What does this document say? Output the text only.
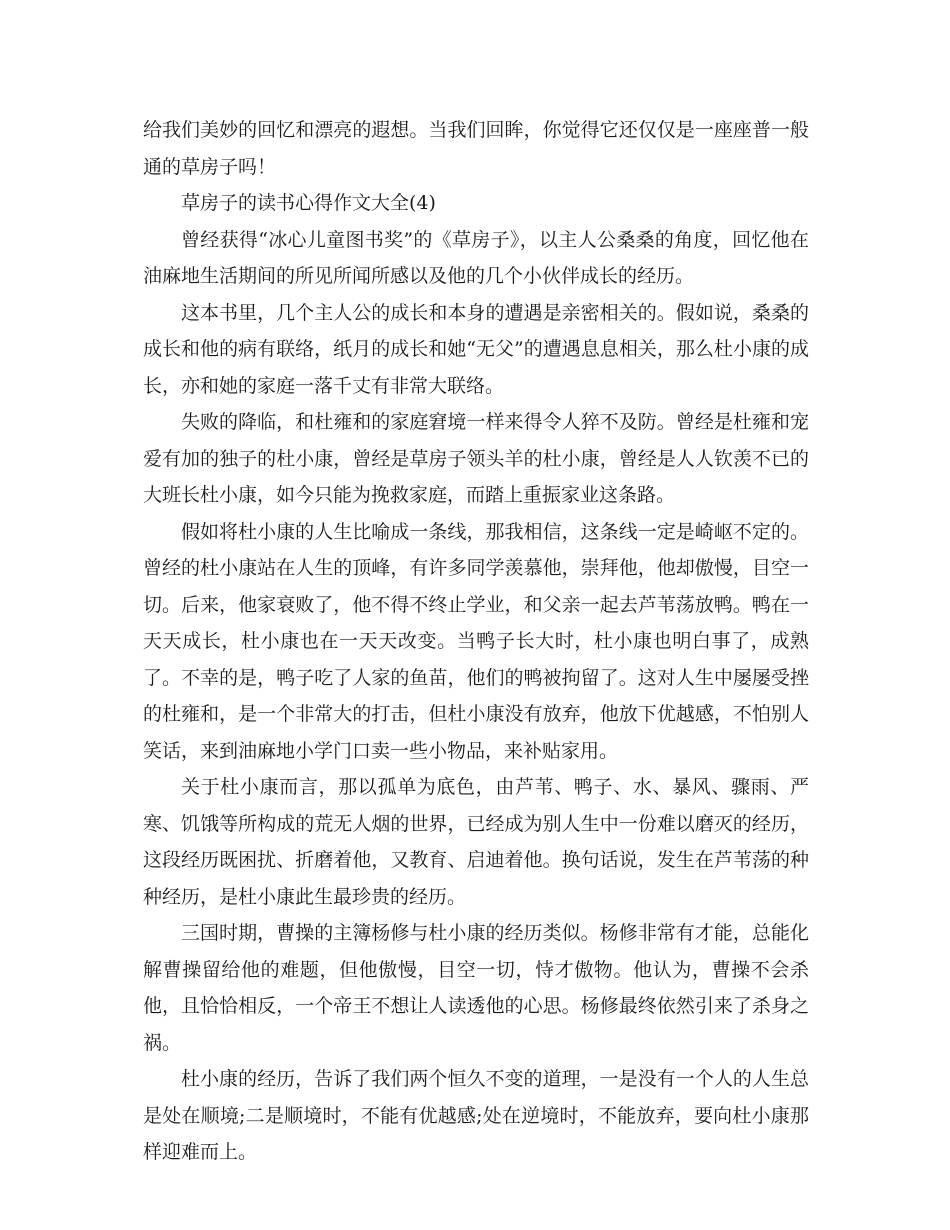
给我们美妙的回忆和漂亮的遐想。当我们回眸，你觉得它还仅仅是一座座普一般通的草房子吗！

草房子的读书心得作文大全(4)

曾经获得“冰心儿童图书奖”的《草房子》，以主人公桑桑的角度，回忆他在油麻地生活期间的所见所闻所感以及他的几个小伙伴成长的经历。

这本书里，几个主人公的成长和本身的遭遇是亲密相关的。假如说，桑桑的成长和他的病有联络，纸月的成长和她“无父”的遭遇息息相关，那么杜小康的成长，亦和她的家庭一落千丈有非常大联络。

失败的降临，和杜雍和的家庭窘境一样来得令人猝不及防。曾经是杜雍和宠爱有加的独子的杜小康，曾经是草房子领头羊的杜小康，曾经是人人钦羡不已的大班长杜小康，如今只能为挽救家庭，而踏上重振家业这条路。

假如将杜小康的人生比喻成一条线，那我相信，这条线一定是崎岖不定的。曾经的杜小康站在人生的顶峰，有许多同学羡慕他，崇拜他，他却傲慢，目空一切。后来，他家衰败了，他不得不终止学业，和父亲一起去芦苇荡放鸭。鸭在一天天成长，杜小康也在一天天改变。当鸭子长大时，杜小康也明白事了，成熟了。不幸的是，鸭子吃了人家的鱼苗，他们的鸭被拘留了。这对人生中屡屡受挫的杜雍和，是一个非常大的打击，但杜小康没有放弃，他放下优越感，不怕别人笑话，来到油麻地小学门口卖一些小物品，来补贴家用。

关于杜小康而言，那以孤单为底色，由芦苇、鸭子、水、暴风、骤雨、严寒、饥饿等所构成的荒无人烟的世界，已经成为别人生中一份难以磨灭的经历，这段经历既困扰、折磨着他，又教育、启迪着他。换句话说，发生在芦苇荡的种种经历，是杜小康此生最珍贵的经历。

三国时期，曹操的主簿杨修与杜小康的经历类似。杨修非常有才能，总能化解曹操留给他的难题，但他傲慢，目空一切，恃才傲物。他认为，曹操不会杀他，且恰恰相反，一个帝王不想让人读透他的心思。杨修最终依然引来了杀身之祸。

杜小康的经历，告诉了我们两个恒久不变的道理，一是没有一个人的人生总是处在顺境;二是顺境时，不能有优越感;处在逆境时，不能放弃，要向杜小康那样迎难而上。
